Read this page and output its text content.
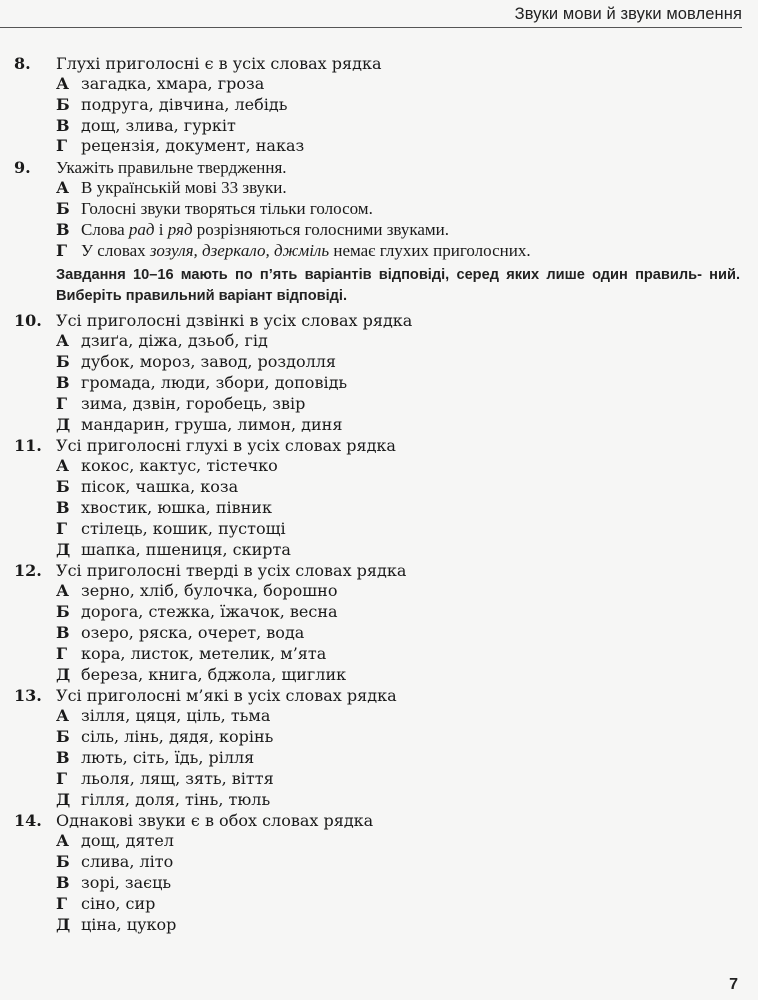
Звуки мови й звуки мовлення
8. Глухі приголосні є в усіх словах рядка
А загадка, хмара, гроза
Б подруга, дівчина, лебідь
В дощ, злива, гуркіт
Г рецензія, документ, наказ
9. Укажіть правильне твердження.
А В українській мові 33 звуки.
Б Голосні звуки творяться тільки голосом.
В Слова рад і ряд розрізняються голосними звуками.
Г У словах зозуля, дзеркало, джміль немає глухих приголосних.
Завдання 10–16 мають по п’ять варіантів відповіді, серед яких лише один правиль- ний. Виберіть правильний варіант відповіді.
10. Усі приголосні дзвінкі в усіх словах рядка
А дзиґа, діжа, дзьоб, гід
Б дубок, мороз, завод, роздолля
В громада, люди, збори, доповідь
Г зима, дзвін, горобець, звір
Д мандарин, груша, лимон, диня
11. Усі приголосні глухі в усіх словах рядка
А кокос, кактус, тістечко
Б пісок, чашка, коза
В хвостик, юшка, півник
Г стілець, кошик, пустощі
Д шапка, пшениця, скирта
12. Усі приголосні тверді в усіх словах рядка
А зерно, хліб, булочка, борошно
Б дорога, стежка, їжачок, весна
В озеро, ряска, очерет, вода
Г кора, листок, метелик, м’ята
Д береза, книга, бджола, щиглик
13. Усі приголосні м’які в усіх словах рядка
А зілля, цяця, ціль, тьма
Б сіль, лінь, дядя, корінь
В лють, сіть, їдь, рілля
Г льоля, лящ, зять, віття
Д гілля, доля, тінь, тюль
14. Однакові звуки є в обох словах рядка
А дощ, дятел
Б слива, літо
В зорі, заєць
Г сіно, сир
Д ціна, цукор
7
